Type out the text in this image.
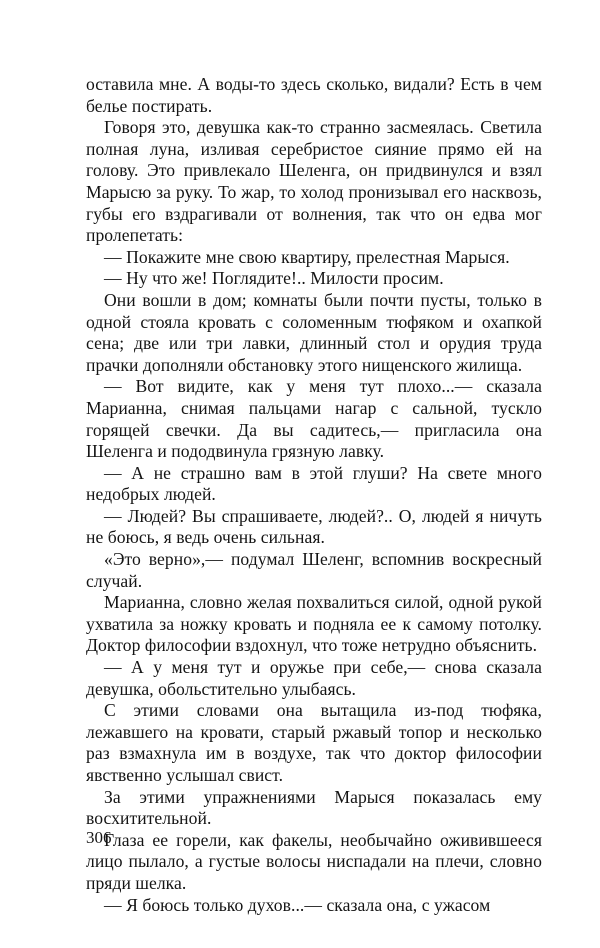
оставила мне. А воды-то здесь сколько, видали? Есть в чем белье постирать.

Говоря это, девушка как-то странно засмеялась. Светила полная луна, изливая серебристое сияние прямо ей на голову. Это привлекало Шеленга, он придвинулся и взял Марысю за руку. То жар, то холод пронизывал его насквозь, губы его вздрагивали от волнения, так что он едва мог пролепетать:

— Покажите мне свою квартиру, прелестная Марыся.

— Ну что же! Поглядите!.. Милости просим.

Они вошли в дом; комнаты были почти пусты, только в одной стояла кровать с соломенным тюфяком и охапкой сена; две или три лавки, длинный стол и орудия труда прачки дополняли обстановку этого нищенского жилища.

— Вот видите, как у меня тут плохо...— сказала Марианна, снимая пальцами нагар с сальной, тускло горящей свечки. Да вы садитесь,— пригласила она Шеленга и пододвинула грязную лавку.

— А не страшно вам в этой глуши? На свете много недобрых людей.

— Людей? Вы спрашиваете, людей?.. О, людей я ничуть не боюсь, я ведь очень сильная.

«Это верно»,— подумал Шеленг, вспомнив воскресный случай.

Марианна, словно желая похвалиться силой, одной рукой ухватила за ножку кровать и подняла ее к самому потолку. Доктор философии вздохнул, что тоже нетрудно объяснить.

— А у меня тут и оружье при себе,— снова сказала девушка, обольстительно улыбаясь.

С этими словами она вытащила из-под тюфяка, лежавшего на кровати, старый ржавый топор и несколько раз взмахнула им в воздухе, так что доктор философии явственно услышал свист.

За этими упражнениями Марыся показалась ему восхитительной.

Глаза ее горели, как факелы, необычайно оживившееся лицо пылало, а густые волосы ниспадали на плечи, словно пряди шелка.

— Я боюсь только духов...— сказала она, с ужасом

306
